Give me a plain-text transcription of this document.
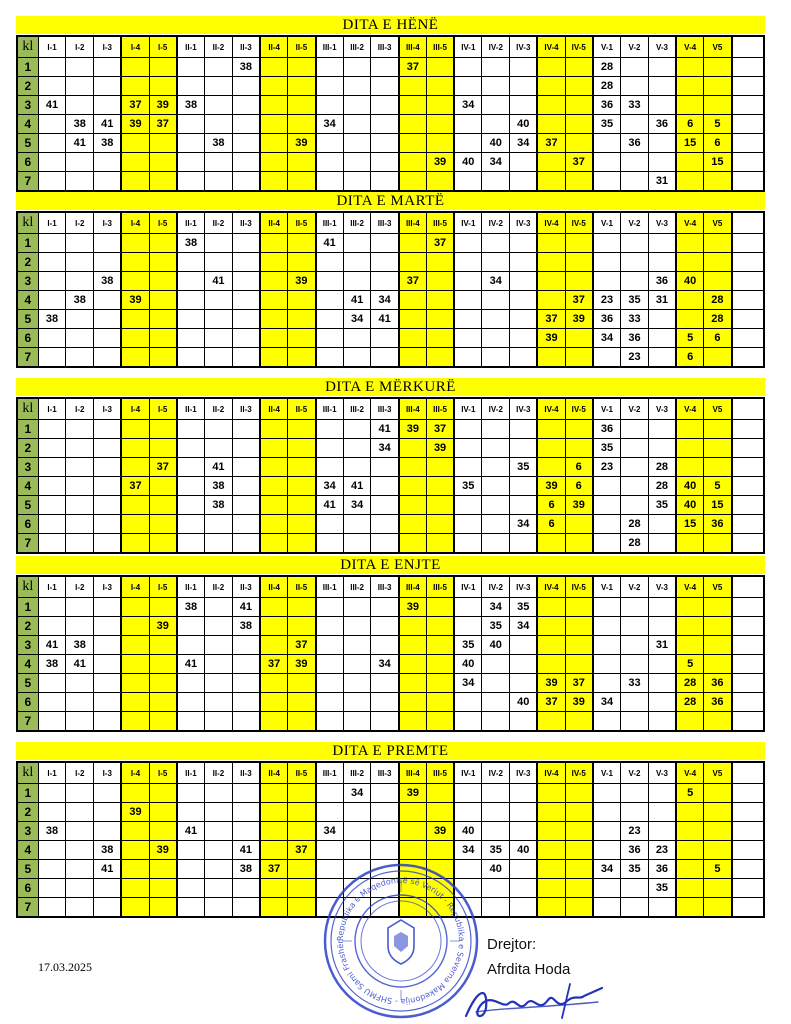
DITA E HËNË
kl	I-1	I-2	I-3	I-4	I-5	II-1	II-2	II-3	II-4	II-5	III-1	III-2	III-3	III-4	III-5	IV-1	IV-2	IV-3	IV-4	IV-5	V-1	V-2	V-3	V-4	V5	
1								38						37							28					
2																					28					
3	41			37	39	38										34					36	33				
4		38	41	39	37						34							40			35		36	6	5	
5		41	38				38			39							40	34	37			36		15	6	
6															39	40	34			37					15	
7																							31			
DITA E MARTË
kl	I-1	I-2	I-3	I-4	I-5	II-1	II-2	II-3	II-4	II-5	III-1	III-2	III-3	III-4	III-5	IV-1	IV-2	IV-3	IV-4	IV-5	V-1	V-2	V-3	V-4	V5	
1						38					41				37											
2																										
3			38				41			39				37			34						36	40		
4		38		39								41	34							37	23	35	31		28	
5	38											34	41						37	39	36	33			28	
6																			39		34	36		5	6	
7																						23		6		
DITA E MËRKURË
kl	I-1	I-2	I-3	I-4	I-5	II-1	II-2	II-3	II-4	II-5	III-1	III-2	III-3	III-4	III-5	IV-1	IV-2	IV-3	IV-4	IV-5	V-1	V-2	V-3	V-4	V5	
1													41	39	37						36					
2													34		39						35					
3					37		41											35		6	23		28			
4				37			38				34	41				35			39	6			28	40	5	
5							38				41	34							6	39			35	40	15	
6																		34	6			28		15	36	
7																						28				
DITA E ENJTE
kl	I-1	I-2	I-3	I-4	I-5	II-1	II-2	II-3	II-4	II-5	III-1	III-2	III-3	III-4	III-5	IV-1	IV-2	IV-3	IV-4	IV-5	V-1	V-2	V-3	V-4	V5	
1						38		41						39			34	35								
2					39			38									35	34								
3	41	38								37						35	40						31			
4	38	41				41			37	39			34			40								5		
5																34			39	37		33		28	36	
6																		40	37	39	34			28	36	
7																										
DITA E PREMTE
kl	I-1	I-2	I-3	I-4	I-5	II-1	II-2	II-3	II-4	II-5	III-1	III-2	III-3	III-4	III-5	IV-1	IV-2	IV-3	IV-4	IV-5	V-1	V-2	V-3	V-4	V5	
1												34		39										5		
2				39																						
3	38					41					34				39	40						23				
4			38		39			41		37						34	35	40				36	23			
5			41					38	37								40				34	35	36		5	
6																							35			
7																										
17.03.2025
Republika e Maqedonisë së Veriut - Republika e Severna Makedonija - SHFMU Sami Frashër	Drejtor:
Afrdita Hoda
